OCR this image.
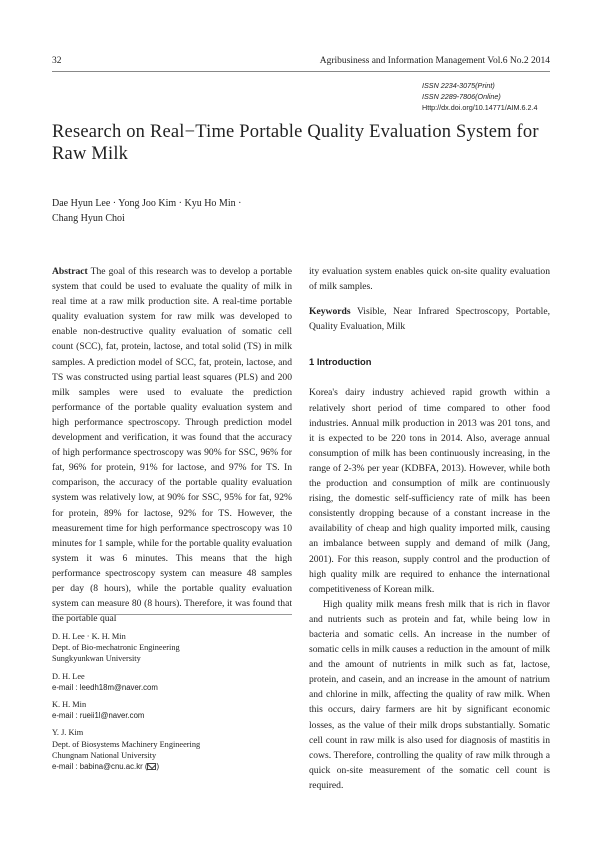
32	Agribusiness and Information Management Vol.6 No.2 2014
ISSN 2234-3075(Print)
ISSN 2289-7806(Online)
Http://dx.doi.org/10.14771/AIM.6.2.4
Research on Real−Time Portable Quality Evaluation System for Raw Milk
Dae Hyun Lee · Yong Joo Kim · Kyu Ho Min ·
Chang Hyun Choi

Abstract The goal of this research was to develop a portable system that could be used to evaluate the quality of milk in real time at a raw milk production site. A real-time portable quality evaluation system for raw milk was developed to enable non-destructive quality evaluation of somatic cell count (SCC), fat, protein, lactose, and total solid (TS) in milk samples. A prediction model of SCC, fat, protein, lactose, and TS was constructed using partial least squares (PLS) and 200 milk samples were used to evaluate the prediction performance of the portable quality evaluation system and high performance spectroscopy. Through prediction model development and verification, it was found that the accuracy of high performance spectroscopy was 90% for SSC, 96% for fat, 96% for protein, 91% for lactose, and 97% for TS. In comparison, the accuracy of the portable quality evaluation system was relatively low, at 90% for SSC, 95% for fat, 92% for protein, 89% for lactose, 92% for TS. However, the measurement time for high performance spectroscopy was 10 minutes for 1 sample, while for the portable quality evaluation system it was 6 minutes. This means that the high performance spectroscopy system can measure 48 samples per day (8 hours), while the portable quality evaluation system can measure 80 (8 hours). Therefore, it was found that the portable qual

ity evaluation system enables quick on-site quality evaluation of milk samples.

Keywords Visible, Near Infrared Spectroscopy, Portable, Quality Evaluation, Milk

1 Introduction

Korea's dairy industry achieved rapid growth within a relatively short period of time compared to other food industries. Annual milk production in 2013 was 201 tons, and it is expected to be 220 tons in 2014. Also, average annual consumption of milk has been continuously increasing, in the range of 2-3% per year (KDBFA, 2013). However, while both the production and consumption of milk are continuously rising, the domestic self-sufficiency rate of milk has been consistently dropping because of a constant increase in the availability of cheap and high quality imported milk, causing an imbalance between supply and demand of milk (Jang, 2001). For this reason, supply control and the production of high quality milk are required to enhance the international competitiveness of Korean milk.

High quality milk means fresh milk that is rich in flavor and nutrients such as protein and fat, while being low in bacteria and somatic cells. An increase in the number of somatic cells in milk causes a reduction in the amount of milk and the amount of nutrients in milk such as fat, lactose, protein, and casein, and an increase in the amount of natrium and chlorine in milk, affecting the quality of raw milk. When this occurs, dairy farmers are hit by significant economic losses, as the value of their milk drops substantially. Somatic cell count in raw milk is also used for diagnosis of mastitis in cows. Therefore, controlling the quality of raw milk through a quick on-site measurement of the somatic cell count is required.

D. H. Lee · K. H. Min
Dept. of Bio-mechatronic Engineering
Sungkyunkwan University
D. H. Lee
e-mail : leedh18m@naver.com
K. H. Min
e-mail : rueii1l@naver.com
Y. J. Kim
Dept. of Biosystems Machinery Engineering
Chungnam National University
e-mail : babina@cnu.ac.kr ( )
